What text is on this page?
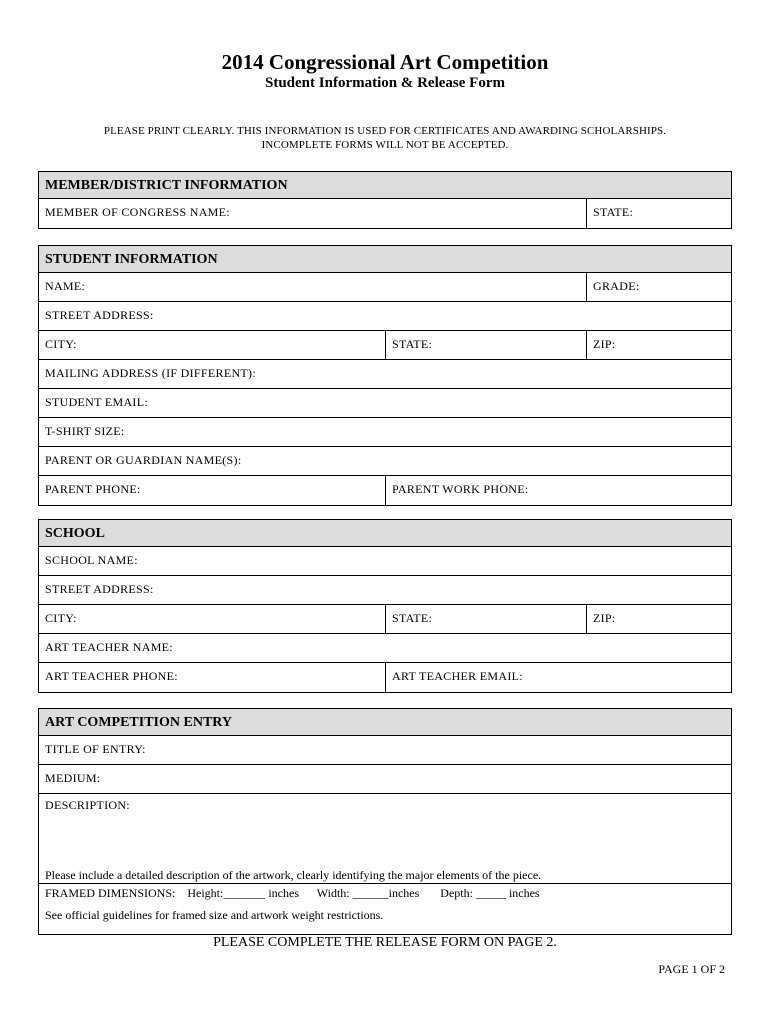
2014 Congressional Art Competition
Student Information & Release Form
PLEASE PRINT CLEARLY. THIS INFORMATION IS USED FOR CERTIFICATES AND AWARDING SCHOLARSHIPS.
INCOMPLETE FORMS WILL NOT BE ACCEPTED.
MEMBER/DISTRICT INFORMATION
MEMBER OF CONGRESS NAME:	STATE:
STUDENT INFORMATION
NAME:	GRADE:
STREET ADDRESS:
CITY:	STATE:	ZIP:
MAILING ADDRESS (IF DIFFERENT):
STUDENT EMAIL:
T-SHIRT SIZE:
PARENT OR GUARDIAN NAME(S):
PARENT PHONE:	PARENT WORK PHONE:
SCHOOL
SCHOOL NAME:
STREET ADDRESS:
CITY:	STATE:	ZIP:
ART TEACHER NAME:
ART TEACHER PHONE:	ART TEACHER EMAIL:
ART COMPETITION ENTRY
TITLE OF ENTRY:
MEDIUM:
DESCRIPTION:
Please include a detailed description of the artwork, clearly identifying the major elements of the piece.
FRAMED DIMENSIONS:    Height:_______ inches      Width: ______inches       Depth: _____ inches
See official guidelines for framed size and artwork weight restrictions.
PLEASE COMPLETE THE RELEASE FORM ON PAGE 2.
PAGE 1 OF 2
